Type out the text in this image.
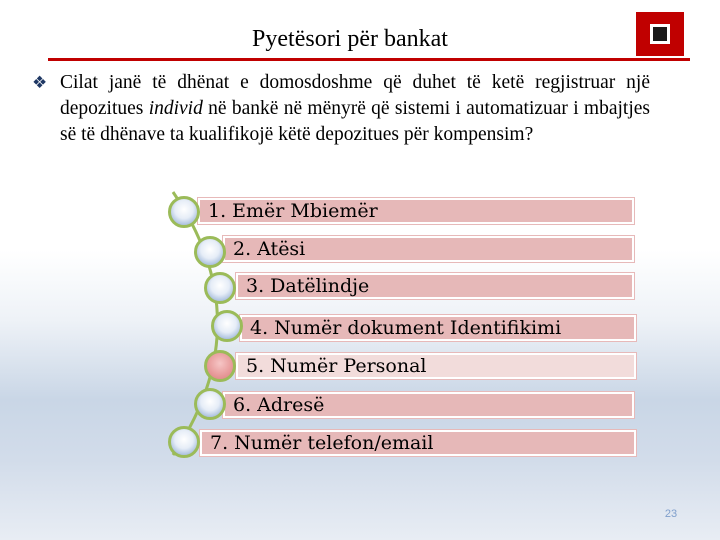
Pyetësori për bankat
❖ Cilat janë të dhënat e domosdoshme që duhet të ketë regjistruar një depozitues individ në bankë në mënyrë që sistemi i automatizuar i mbajtjes së të dhënave ta kualifikojë këtë depozitues për kompensim?
1. Emër Mbiemër
2. Atësi
3. Datëlindje
4. Numër dokument Identifikimi
5. Numër Personal
6. Adresë
7. Numër telefon/email
23
